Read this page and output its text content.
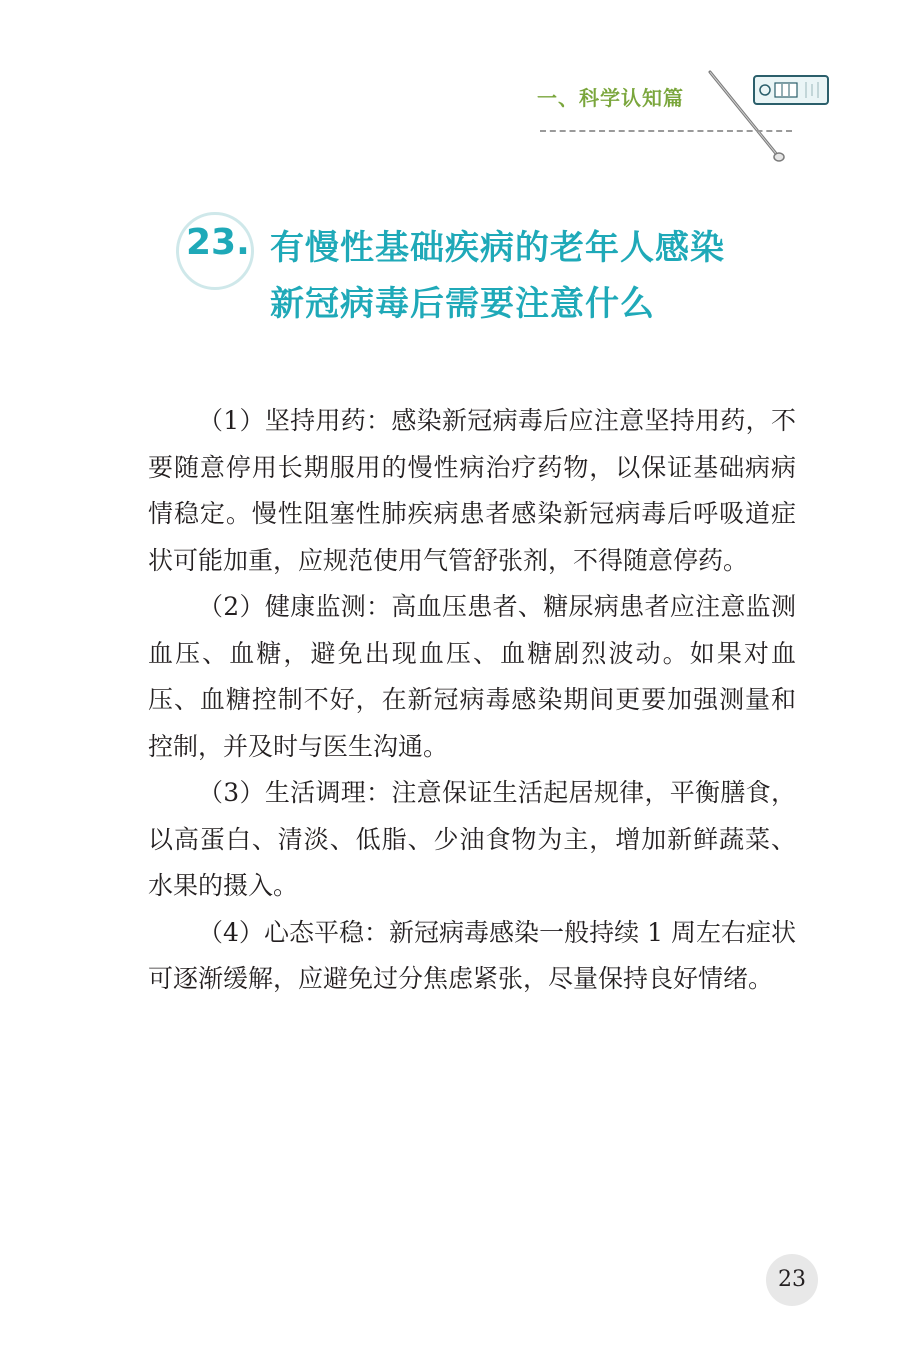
一、科学认知篇
23. 有慢性基础疾病的老年人感染
新冠病毒后需要注意什么

（1）坚持用药：感染新冠病毒后应注意坚持用药，不要随意停用长期服用的慢性病治疗药物，以保证基础病病情稳定。慢性阻塞性肺疾病患者感染新冠病毒后呼吸道症状可能加重，应规范使用气管舒张剂，不得随意停药。

（2）健康监测：高血压患者、糖尿病患者应注意监测血压、血糖，避免出现血压、血糖剧烈波动。如果对血压、血糖控制不好，在新冠病毒感染期间更要加强测量和控制，并及时与医生沟通。

（3）生活调理：注意保证生活起居规律，平衡膳食，以高蛋白、清淡、低脂、少油食物为主，增加新鲜蔬菜、水果的摄入。

（4）心态平稳：新冠病毒感染一般持续 1 周左右症状可逐渐缓解，应避免过分焦虑紧张，尽量保持良好情绪。

23
